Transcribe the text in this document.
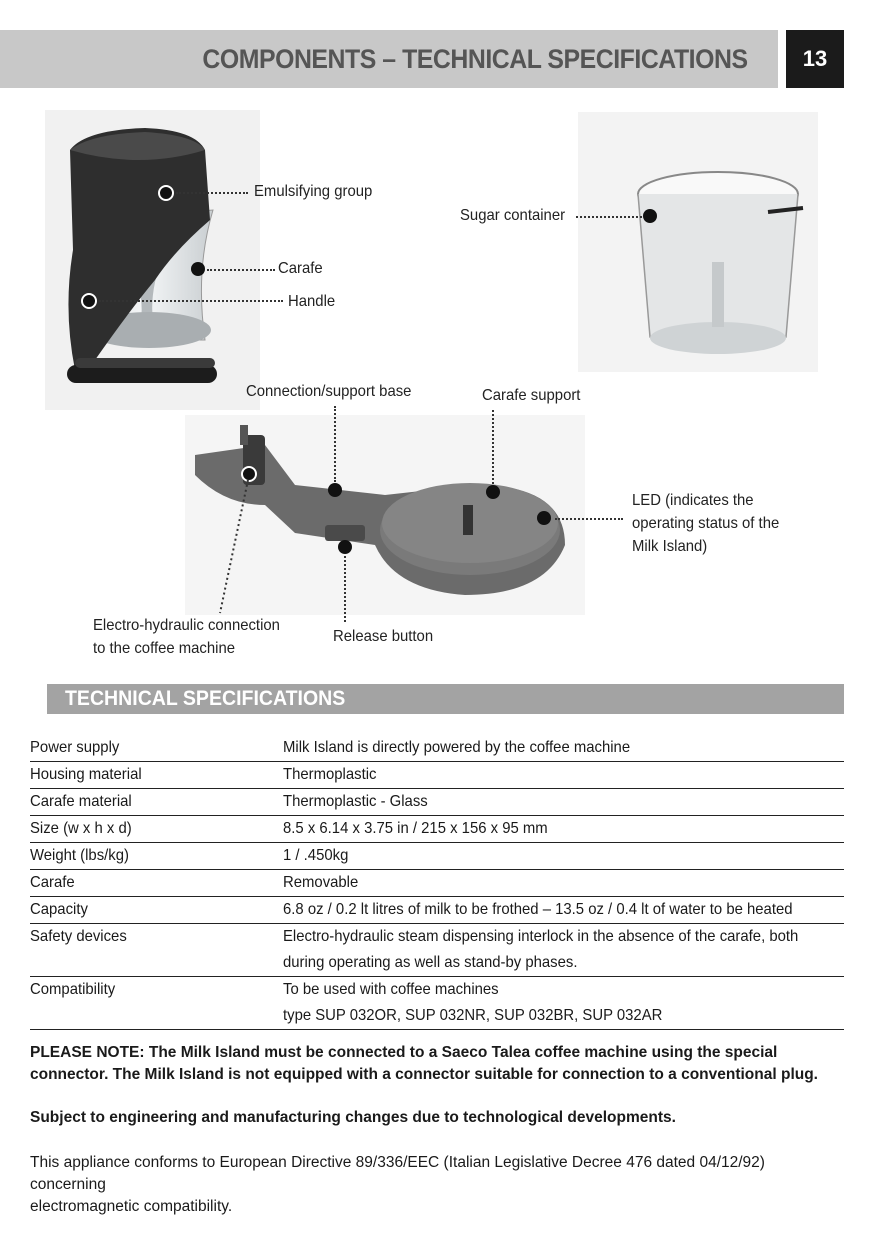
COMPONENTS – TECHNICAL SPECIFICATIONS	13
Emulsifying group
Carafe
Handle
Sugar container
Connection/support base	Carafe support
LED (indicates the
operating status of the
Milk Island)
Electro-hydraulic connection
to the coffee machine
Release button
TECHNICAL SPECIFICATIONS
Power supply	Milk Island is directly powered by the coffee machine
Housing material	Thermoplastic
Carafe material	Thermoplastic - Glass
Size (w x h x d)	8.5 x 6.14 x 3.75 in / 215 x 156 x 95 mm
Weight (lbs/kg)	1 / .450kg
Carafe	Removable
Capacity	6.8 oz / 0.2 lt litres of milk to be frothed – 13.5 oz / 0.4 lt of water to be heated
Safety devices	Electro-hydraulic steam dispensing interlock in the absence of the carafe, both
during operating as well as stand-by phases.
Compatibility	To be used with coffee machines
type SUP 032OR, SUP 032NR, SUP 032BR, SUP 032AR
PLEASE NOTE: The Milk Island must be connected to a Saeco Talea coffee machine using the special
connector. The Milk Island is not equipped with a connector suitable for connection to a conventional plug.
Subject to engineering and manufacturing changes due to technological developments.
This appliance conforms to European Directive 89/336/EEC (Italian Legislative Decree 476 dated 04/12/92) concerning
electromagnetic compatibility.
